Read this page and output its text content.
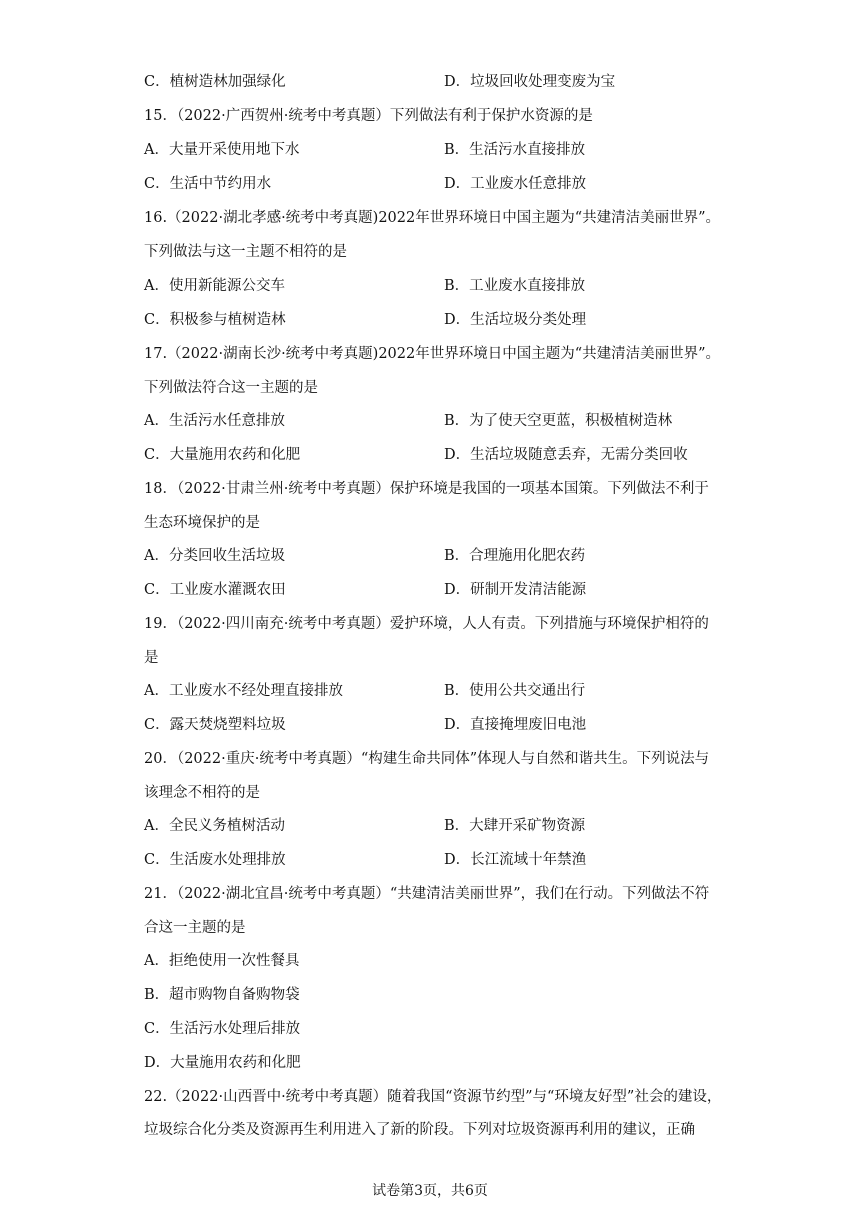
C．植树造林加强绿化	D．垃圾回收处理变废为宝
15．（2022·广西贺州·统考中考真题）下列做法有利于保护水资源的是
A．大量开采使用地下水	B．生活污水直接排放
C．生活中节约用水	D．工业废水任意排放
16.（2022·湖北孝感·统考中考真题)2022年世界环境日中国主题为“共建清洁美丽世界”。
下列做法与这一主题不相符的是
A．使用新能源公交车	B．工业废水直接排放
C．积极参与植树造林	D．生活垃圾分类处理
17.（2022·湖南长沙·统考中考真题)2022年世界环境日中国主题为“共建清洁美丽世界”。
下列做法符合这一主题的是
A．生活污水任意排放	B．为了使天空更蓝，积极植树造林
C．大量施用农药和化肥	D．生活垃圾随意丢弃，无需分类回收
18．（2022·甘肃兰州·统考中考真题）保护环境是我国的一项基本国策。下列做法不利于
生态环境保护的是
A．分类回收生活垃圾	B．合理施用化肥农药
C．工业废水灌溉农田	D．研制开发清洁能源
19．（2022·四川南充·统考中考真题）爱护环境，人人有责。下列措施与环境保护相符的
是
A．工业废水不经处理直接排放	B．使用公共交通出行
C．露天焚烧塑料垃圾	D．直接掩埋废旧电池
20．（2022·重庆·统考中考真题）“构建生命共同体”体现人与自然和谐共生。下列说法与
该理念不相符的是
A．全民义务植树活动	B．大肆开采矿物资源
C．生活废水处理排放	D．长江流域十年禁渔
21．（2022·湖北宜昌·统考中考真题）“共建清洁美丽世界”，我们在行动。下列做法不符
合这一主题的是
A．拒绝使用一次性餐具
B．超市购物自备购物袋
C．生活污水处理后排放
D．大量施用农药和化肥
22.（2022·山西晋中·统考中考真题）随着我国“资源节约型”与“环境友好型”社会的建设，
垃圾综合化分类及资源再生利用进入了新的阶段。下列对垃圾资源再利用的建议，正确
试卷第3页，共6页
